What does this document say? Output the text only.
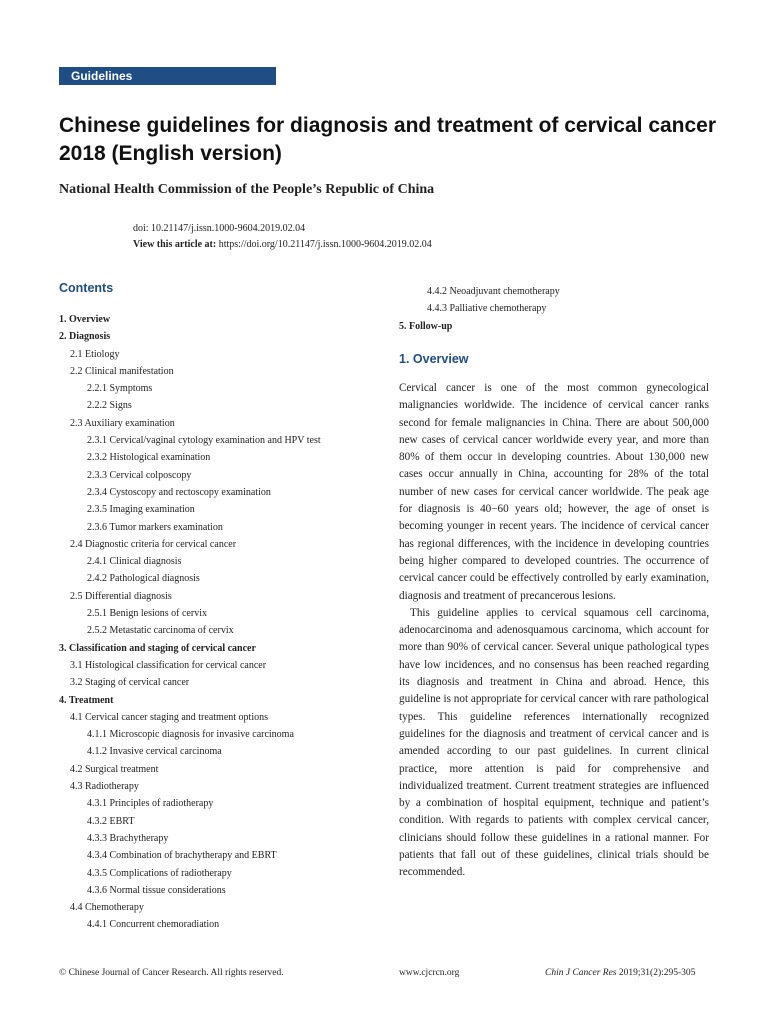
Guidelines
Chinese guidelines for diagnosis and treatment of cervical cancer 2018 (English version)
National Health Commission of the People’s Republic of China
doi: 10.21147/j.issn.1000-9604.2019.02.04
View this article at: https://doi.org/10.21147/j.issn.1000-9604.2019.02.04
Contents
1. Overview
2. Diagnosis
2.1 Etiology
2.2 Clinical manifestation
2.2.1 Symptoms
2.2.2 Signs
2.3 Auxiliary examination
2.3.1 Cervical/vaginal cytology examination and HPV test
2.3.2 Histological examination
2.3.3 Cervical colposcopy
2.3.4 Cystoscopy and rectoscopy examination
2.3.5 Imaging examination
2.3.6 Tumor markers examination
2.4 Diagnostic criteria for cervical cancer
2.4.1 Clinical diagnosis
2.4.2 Pathological diagnosis
2.5 Differential diagnosis
2.5.1 Benign lesions of cervix
2.5.2 Metastatic carcinoma of cervix
3. Classification and staging of cervical cancer
3.1 Histological classification for cervical cancer
3.2 Staging of cervical cancer
4. Treatment
4.1 Cervical cancer staging and treatment options
4.1.1 Microscopic diagnosis for invasive carcinoma
4.1.2 Invasive cervical carcinoma
4.2 Surgical treatment
4.3 Radiotherapy
4.3.1 Principles of radiotherapy
4.3.2 EBRT
4.3.3 Brachytherapy
4.3.4 Combination of brachytherapy and EBRT
4.3.5 Complications of radiotherapy
4.3.6 Normal tissue considerations
4.4 Chemotherapy
4.4.1 Concurrent chemoradiation
4.4.2 Neoadjuvant chemotherapy
4.4.3 Palliative chemotherapy
5. Follow-up
1. Overview

Cervical cancer is one of the most common gynecological malignancies worldwide. The incidence of cervical cancer ranks second for female malignancies in China. There are about 500,000 new cases of cervical cancer worldwide every year, and more than 80% of them occur in developing countries. About 130,000 new cases occur annually in China, accounting for 28% of the total number of new cases for cervical cancer worldwide. The peak age for diagnosis is 40−60 years old; however, the age of onset is becoming younger in recent years. The incidence of cervical cancer has regional differences, with the incidence in developing countries being higher compared to developed countries. The occurrence of cervical cancer could be effectively controlled by early examination, diagnosis and treatment of precancerous lesions.

This guideline applies to cervical squamous cell carcinoma, adenocarcinoma and adenosquamous carcinoma, which account for more than 90% of cervical cancer. Several unique pathological types have low incidences, and no consensus has been reached regarding its diagnosis and treatment in China and abroad. Hence, this guideline is not appropriate for cervical cancer with rare pathological types. This guideline references internationally recognized guidelines for the diagnosis and treatment of cervical cancer and is amended according to our past guidelines. In current clinical practice, more attention is paid for comprehensive and individualized treatment. Current treatment strategies are influenced by a combination of hospital equipment, technique and patient’s condition. With regards to patients with complex cervical cancer, clinicians should follow these guidelines in a rational manner. For patients that fall out of these guidelines, clinical trials should be recommended.

© Chinese Journal of Cancer Research. All rights reserved.	www.cjcrcn.org	Chin J Cancer Res 2019;31(2):295-305
